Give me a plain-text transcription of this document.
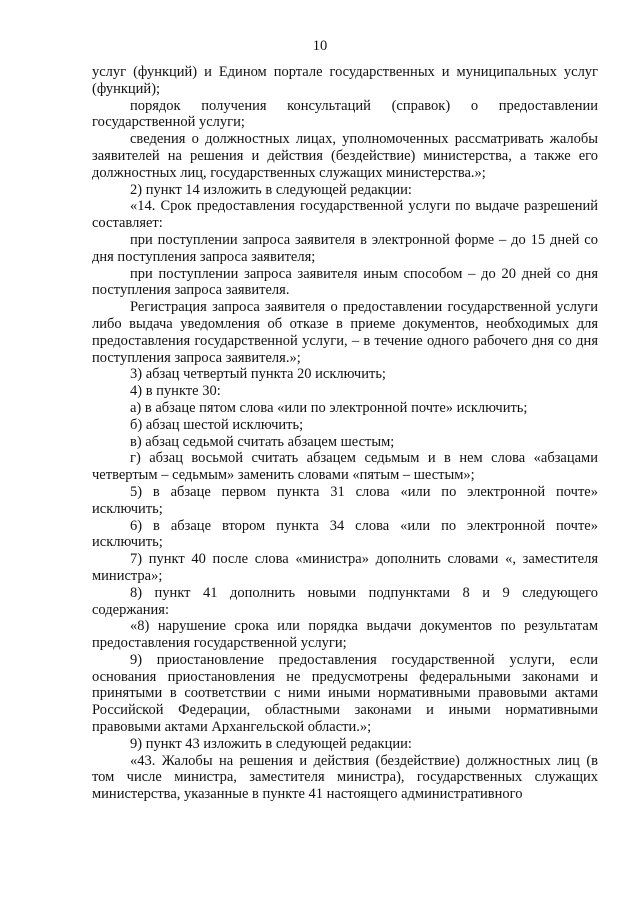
10

услуг (функций) и Едином портале государственных и муниципальных услуг (функций);

порядок получения консультаций (справок) о предоставлении государственной услуги;

сведения о должностных лицах, уполномоченных рассматривать жалобы заявителей на решения и действия (бездействие) министерства, а также его должностных лиц, государственных служащих министерства.»;

2) пункт 14 изложить в следующей редакции:

«14. Срок предоставления государственной услуги по выдаче разрешений составляет:

при поступлении запроса заявителя в электронной форме – до 15 дней со дня поступления запроса заявителя;

при поступлении запроса заявителя иным способом – до 20 дней со дня поступления запроса заявителя.

Регистрация запроса заявителя о предоставлении государственной услуги либо выдача уведомления об отказе в приеме документов, необходимых для предоставления государственной услуги, – в течение одного рабочего дня со дня поступления запроса заявителя.»;

3) абзац четвертый пункта 20 исключить;

4) в пункте 30:

а) в абзаце пятом слова «или по электронной почте» исключить;

б) абзац шестой исключить;

в) абзац седьмой считать абзацем шестым;

г) абзац восьмой считать абзацем седьмым и в нем слова «абзацами четвертым – седьмым» заменить словами «пятым – шестым»;

5) в абзаце первом пункта 31 слова «или по электронной почте» исключить;

6) в абзаце втором пункта 34 слова «или по электронной почте» исключить;

7) пункт 40 после слова «министра» дополнить словами «, заместителя министра»;

8) пункт 41 дополнить новыми подпунктами 8 и 9 следующего содержания:

«8) нарушение срока или порядка выдачи документов по результатам предоставления государственной услуги;

9) приостановление предоставления государственной услуги, если основания приостановления не предусмотрены федеральными законами и принятыми в соответствии с ними иными нормативными правовыми актами Российской Федерации, областными законами и иными нормативными правовыми актами Архангельской области.»;

9) пункт 43 изложить в следующей редакции:

«43. Жалобы на решения и действия (бездействие) должностных лиц (в том числе министра, заместителя министра), государственных служащих министерства, указанные в пункте 41 настоящего административного
